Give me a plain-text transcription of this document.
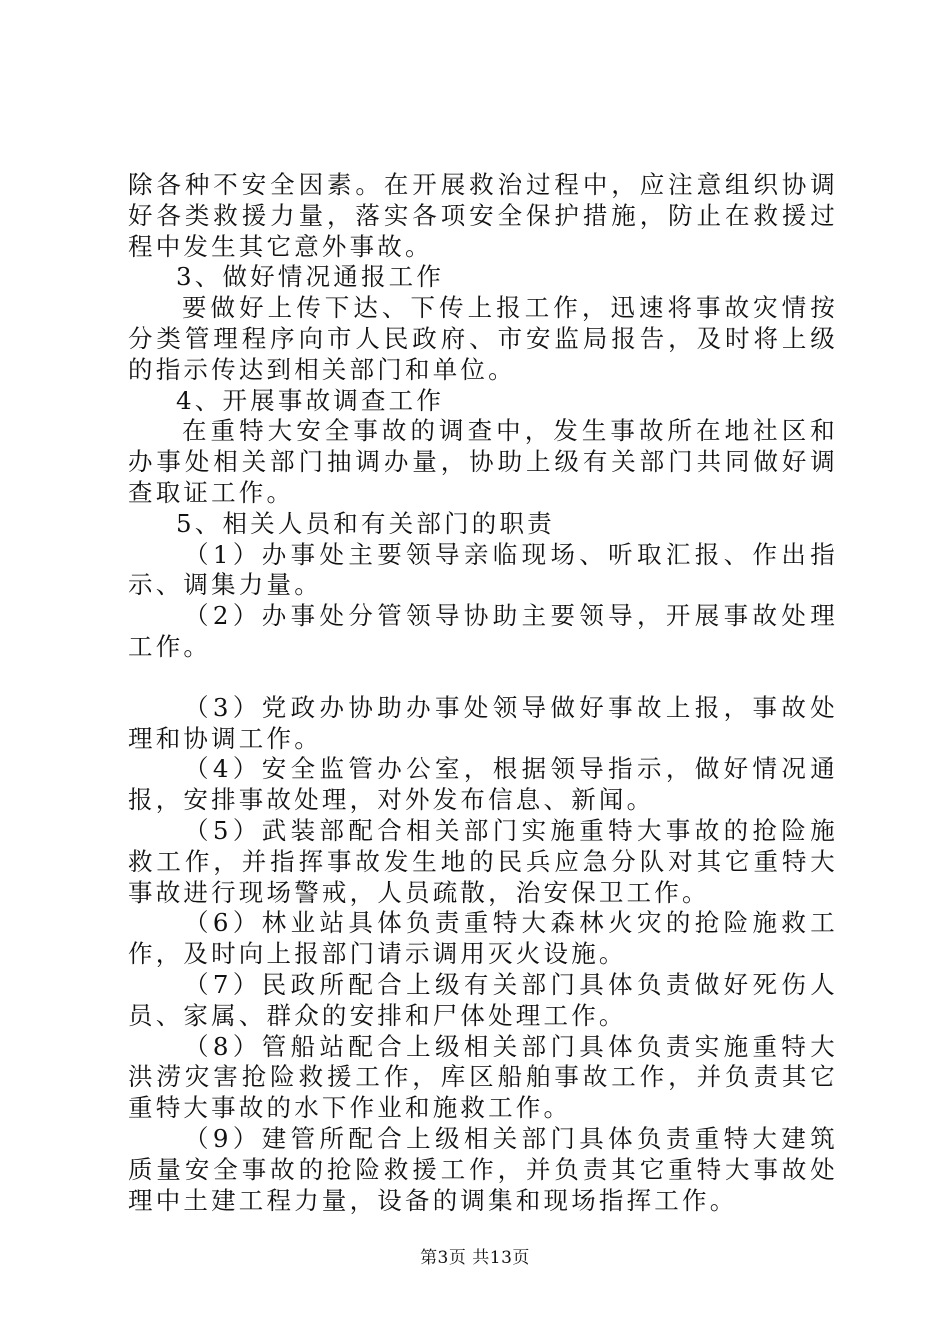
除各种不安全因素。在开展救治过程中，应注意组织协调好各类救援力量，落实各项安全保护措施，防止在救援过程中发生其它意外事故。

3、做好情况通报工作

要做好上传下达、下传上报工作，迅速将事故灾情按分类管理程序向市人民政府、市安监局报告，及时将上级的指示传达到相关部门和单位。

4、开展事故调查工作

在重特大安全事故的调查中，发生事故所在地社区和办事处相关部门抽调办量，协助上级有关部门共同做好调查取证工作。

5、相关人员和有关部门的职责

（1）办事处主要领导亲临现场、听取汇报、作出指示、调集力量。

（2）办事处分管领导协助主要领导，开展事故处理工作。

（3）党政办协助办事处领导做好事故上报，事故处理和协调工作。

（4）安全监管办公室，根据领导指示，做好情况通报，安排事故处理，对外发布信息、新闻。

（5）武装部配合相关部门实施重特大事故的抢险施救工作，并指挥事故发生地的民兵应急分队对其它重特大事故进行现场警戒，人员疏散，治安保卫工作。

（6）林业站具体负责重特大森林火灾的抢险施救工作，及时向上报部门请示调用灭火设施。

（7）民政所配合上级有关部门具体负责做好死伤人员、家属、群众的安排和尸体处理工作。

（8）管船站配合上级相关部门具体负责实施重特大洪涝灾害抢险救援工作，库区船舶事故工作，并负责其它重特大事故的水下作业和施救工作。

（9）建管所配合上级相关部门具体负责重特大建筑质量安全事故的抢险救援工作，并负责其它重特大事故处理中土建工程力量，设备的调集和现场指挥工作。

第3页 共13页
